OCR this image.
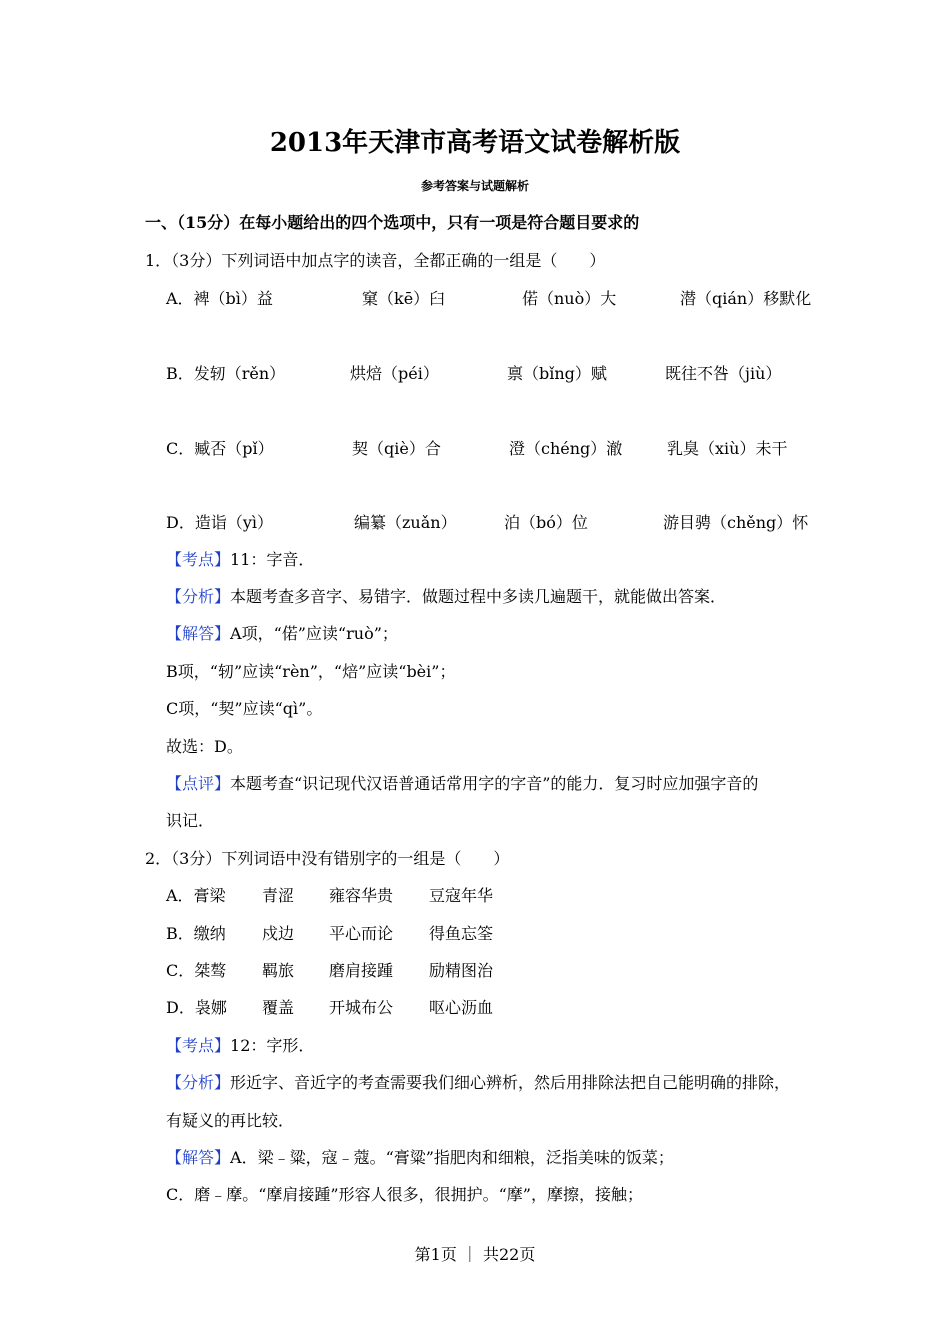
2013年天津市高考语文试卷解析版
参考答案与试题解析
一、（15分）在每小题给出的四个选项中，只有一项是符合题目要求的
1．（3分）下列词语中加点字的读音，全都正确的一组是（　　）
A．裨（bì）益	窠（kē）臼	偌（nuò）大	潜（qián）移默化
B．发轫（rěn）	烘焙（péi）	禀（bǐng）赋	既往不咎（jiù）
C．臧否（pǐ）	契（qiè）合	澄（chéng）澈	乳臭（xiù）未干
D．造诣（yì）	编纂（zuǎn）	泊（bó）位	游目骋（chěng）怀
【考点】11：字音．
【分析】本题考查多音字、易错字．做题过程中多读几遍题干，就能做出答案．
【解答】A项，“偌”应读“ruò”；
B项，“轫”应读“rèn”，“焙”应读“bèi”；
C项，“契”应读“qì”。
故选：D。
【点评】本题考查“识记现代汉语普通话常用字的字音”的能力．复习时应加强字音的
识记．
2．（3分）下列词语中没有错别字的一组是（　　）
A．膏梁 青涩 雍容华贵 豆寇年华
B．缴纳 戍边 平心而论 得鱼忘筌
C．桀骜 羁旅 磨肩接踵 励精图治
D．袅娜 覆盖 开城布公 呕心沥血
【考点】12：字形．
【分析】形近字、音近字的考查需要我们细心辨析，然后用排除法把自己能明确的排除，
有疑义的再比较．
【解答】A．梁﹣粱，寇﹣蔻。“膏粱”指肥肉和细粮，泛指美味的饭菜；
C．磨﹣摩。“摩肩接踵”形容人很多，很拥护。“摩”，摩擦，接触；
第1页 ｜ 共22页
